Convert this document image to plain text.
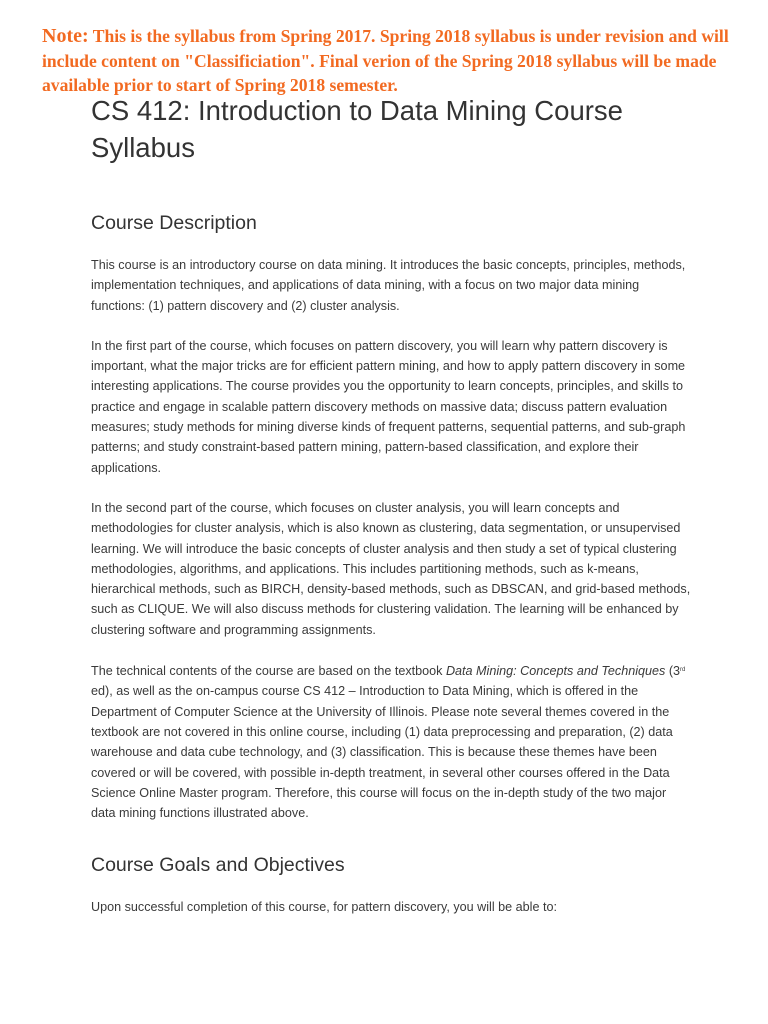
Note: This is the syllabus from Spring 2017. Spring 2018 syllabus is under revision and will include content on "Classificiation". Final verion of the Spring 2018 syllabus will be made available prior to start of Spring 2018 semester.
CS 412: Introduction to Data Mining Course Syllabus
Course Description

This course is an introductory course on data mining. It introduces the basic concepts, principles, methods, implementation techniques, and applications of data mining, with a focus on two major data mining functions: (1) pattern discovery and (2) cluster analysis.

In the first part of the course, which focuses on pattern discovery, you will learn why pattern discovery is important, what the major tricks are for efficient pattern mining, and how to apply pattern discovery in some interesting applications. The course provides you the opportunity to learn concepts, principles, and skills to practice and engage in scalable pattern discovery methods on massive data; discuss pattern evaluation measures; study methods for mining diverse kinds of frequent patterns, sequential patterns, and sub-graph patterns; and study constraint-based pattern mining, pattern-based classification, and explore their applications.

In the second part of the course, which focuses on cluster analysis, you will learn concepts and methodologies for cluster analysis, which is also known as clustering, data segmentation, or unsupervised learning. We will introduce the basic concepts of cluster analysis and then study a set of typical clustering methodologies, algorithms, and applications. This includes partitioning methods, such as k-means, hierarchical methods, such as BIRCH, density-based methods, such as DBSCAN, and grid-based methods, such as CLIQUE. We will also discuss methods for clustering validation. The learning will be enhanced by clustering software and programming assignments.

The technical contents of the course are based on the textbook Data Mining: Concepts and Techniques (3rd ed), as well as the on-campus course CS 412 – Introduction to Data Mining, which is offered in the Department of Computer Science at the University of Illinois. Please note several themes covered in the textbook are not covered in this online course, including (1) data preprocessing and preparation, (2) data warehouse and data cube technology, and (3) classification. This is because these themes have been covered or will be covered, with possible in-depth treatment, in several other courses offered in the Data Science Online Master program. Therefore, this course will focus on the in-depth study of the two major data mining functions illustrated above.

Course Goals and Objectives

Upon successful completion of this course, for pattern discovery, you will be able to:
